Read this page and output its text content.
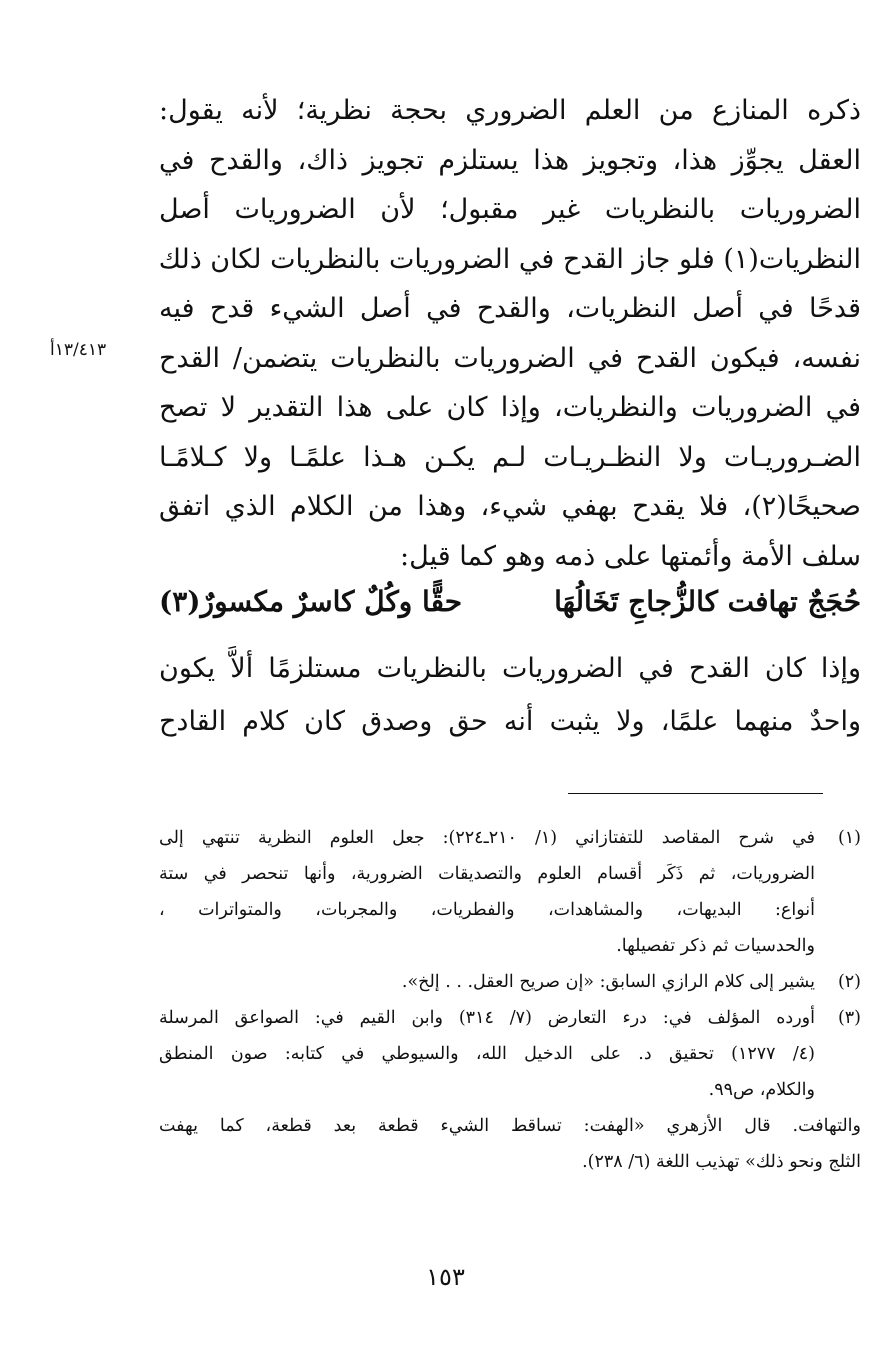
ذكره المنازع من العلم الضروري بحجة نظرية؛ لأنه يقول:
العقل يجوِّز هذا، وتجويز هذا يستلزم تجويز ذاك، والقدح في
الضروريات بالنظريات غير مقبول؛ لأن الضروريات أصل
النظريات(١) فلو جاز القدح في الضروريات بالنظريات لكان ذلك
قدحًا في أصل النظريات، والقدح في أصل الشيء قدح فيه
نفسه، فيكون القدح في الضروريات بالنظريات يتضمن/ القدح
في الضروريات والنظريات، وإذا كان على هذا التقدير لا تصح
الضـروريـات ولا النظـريـات لـم يكـن هـذا علمًـا ولا كـلامًـا
صحيحًا(٢)، فلا يقدح بهفي شيء، وهذا من الكلام الذي اتفق
سلف الأمة وأئمتها على ذمه وهو كما قيل:
١٣/٤١٣أ
حُجَجٌ تهافت كالزُّجاجِ تَخَالُهَا
حقًّا وكُلٌ كاسرٌ مكسورٌ(٣)
وإذا كان القدح في الضروريات بالنظريات مستلزمًا ألاَّ يكون
واحدٌ منهما علمًا، ولا يثبت أنه حق وصدق كان كلام القادح
(١)
في شرح المقاصد للتفتازاني (١/ ٢١٠ـ٢٢٤): جعل العلوم النظرية تنتهي إلى
الضروريات، ثم ذَكَر أقسام العلوم والتصديقات الضرورية، وأنها تنحصر في ستة
أنواع: البديهات، والمشاهدات، والفطريات، والمجربات، والمتواترات ،
والحدسيات ثم ذكر تفصيلها.
(٢)
يشير إلى كلام الرازي السابق: «إن صريح العقل. . . إلخ».
(٣)
أورده المؤلف في: درء التعارض (٧/ ٣١٤) وابن القيم في: الصواعق المرسلة
(٤/ ١٢٧٧) تحقيق د. على الدخيل الله، والسيوطي في كتابه: صون المنطق
والكلام، ص٩٩.
والتهافت. قال الأزهري «الهفت: تساقط الشيء قطعة بعد قطعة، كما يهفت
الثلج ونحو ذلك» تهذيب اللغة (٦/ ٢٣٨).
١٥٣
